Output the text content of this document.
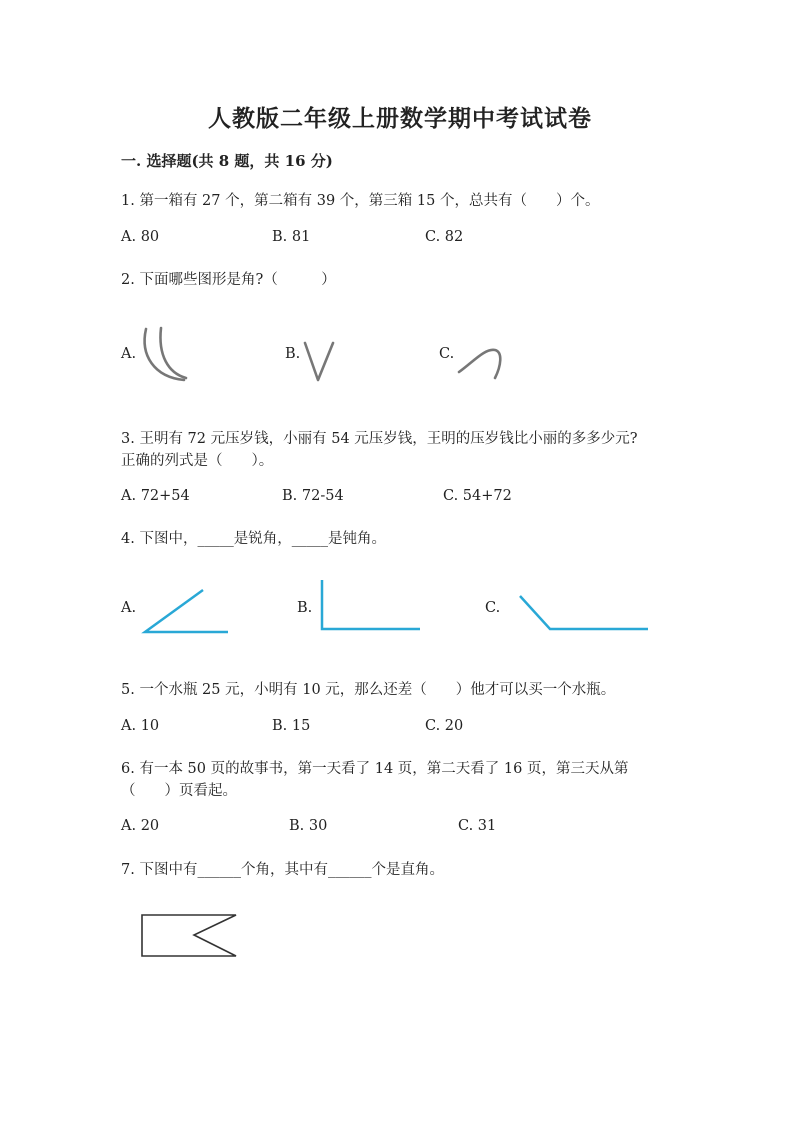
人教版二年级上册数学期中考试试卷
一. 选择题(共 8 题，共 16 分)
1. 第一箱有 27 个，第二箱有 39 个，第三箱 15 个，总共有（　　）个。
A. 80	B. 81	C. 82
2. 下面哪些图形是角?（　　　）
A.	B.	C.
3. 王明有 72 元压岁钱，小丽有 54 元压岁钱，王明的压岁钱比小丽的多多少元?
正确的列式是（　　）。
A. 72+54	B. 72-54	C. 54+72
4. 下图中，_____是锐角，_____是钝角。
A.	B.	C.
5. 一个水瓶 25 元，小明有 10 元，那么还差（　　）他才可以买一个水瓶。
A. 10	B. 15	C. 20
6. 有一本 50 页的故事书，第一天看了 14 页，第二天看了 16 页，第三天从第
（　　）页看起。
A. 20	B. 30	C. 31
7. 下图中有______个角，其中有______个是直角。
